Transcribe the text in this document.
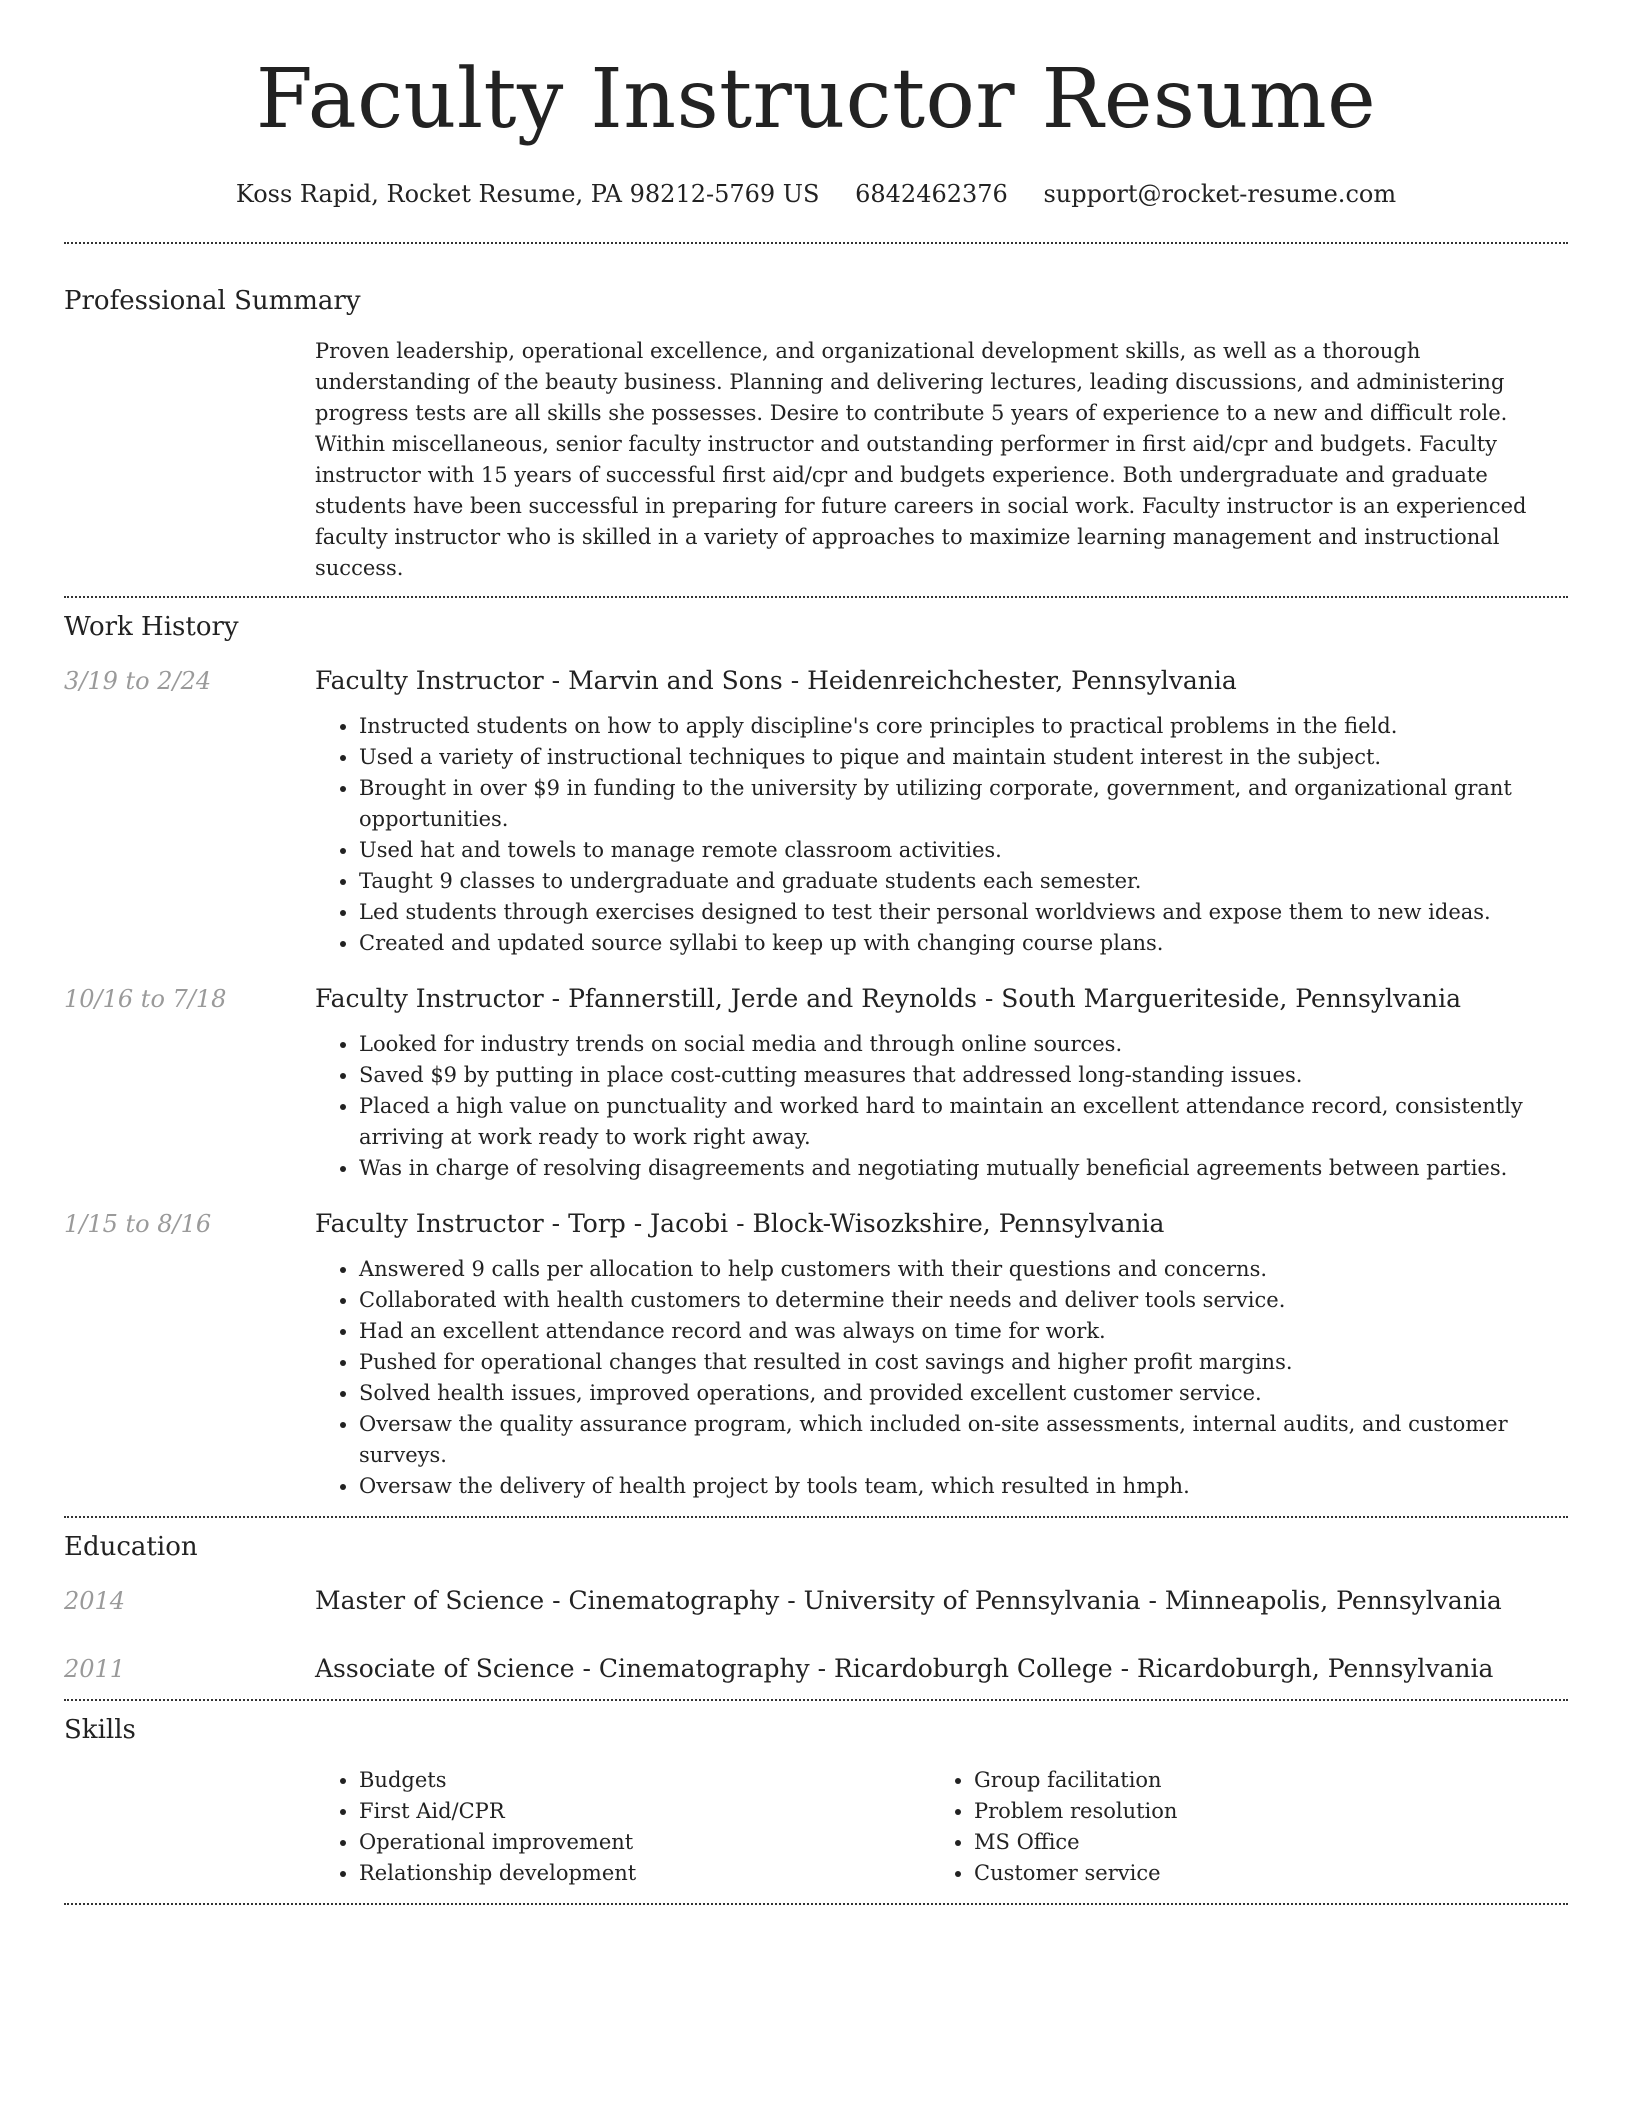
Faculty Instructor Resume
Koss Rapid, Rocket Resume, PA 98212-5769 US 6842462376 support@rocket-resume.com
Professional Summary

Proven leadership, operational excellence, and organizational development skills, as well as a thorough understanding of the beauty business. Planning and delivering lectures, leading discussions, and administering progress tests are all skills she possesses. Desire to contribute 5 years of experience to a new and difficult role. Within miscellaneous, senior faculty instructor and outstanding performer in first aid/cpr and budgets. Faculty instructor with 15 years of successful first aid/cpr and budgets experience. Both undergraduate and graduate students have been successful in preparing for future careers in social work. Faculty instructor is an experienced faculty instructor who is skilled in a variety of approaches to maximize learning management and instructional success.

Work History
3/19 to 2/24	Faculty Instructor - Marvin and Sons - Heidenreichchester, Pennsylvania
• Instructed students on how to apply discipline's core principles to practical problems in the field.
• Used a variety of instructional techniques to pique and maintain student interest in the subject.
• Brought in over $9 in funding to the university by utilizing corporate, government, and organizational grant opportunities.
• Used hat and towels to manage remote classroom activities.
• Taught 9 classes to undergraduate and graduate students each semester.
• Led students through exercises designed to test their personal worldviews and expose them to new ideas.
• Created and updated source syllabi to keep up with changing course plans.
10/16 to 7/18	Faculty Instructor - Pfannerstill, Jerde and Reynolds - South Margueriteside, Pennsylvania
• Looked for industry trends on social media and through online sources.
• Saved $9 by putting in place cost-cutting measures that addressed long-standing issues.
• Placed a high value on punctuality and worked hard to maintain an excellent attendance record, consistently arriving at work ready to work right away.
• Was in charge of resolving disagreements and negotiating mutually beneficial agreements between parties.
1/15 to 8/16	Faculty Instructor - Torp - Jacobi - Block-Wisozkshire, Pennsylvania
• Answered 9 calls per allocation to help customers with their questions and concerns.
• Collaborated with health customers to determine their needs and deliver tools service.
• Had an excellent attendance record and was always on time for work.
• Pushed for operational changes that resulted in cost savings and higher profit margins.
• Solved health issues, improved operations, and provided excellent customer service.
• Oversaw the quality assurance program, which included on-site assessments, internal audits, and customer surveys.
• Oversaw the delivery of health project by tools team, which resulted in hmph.
Education
2014	Master of Science - Cinematography - University of Pennsylvania - Minneapolis, Pennsylvania
2011	Associate of Science - Cinematography - Ricardoburgh College - Ricardoburgh, Pennsylvania
Skills
• Budgets
• First Aid/CPR
• Operational improvement
• Relationship development
• Group facilitation
• Problem resolution
• MS Office
• Customer service
